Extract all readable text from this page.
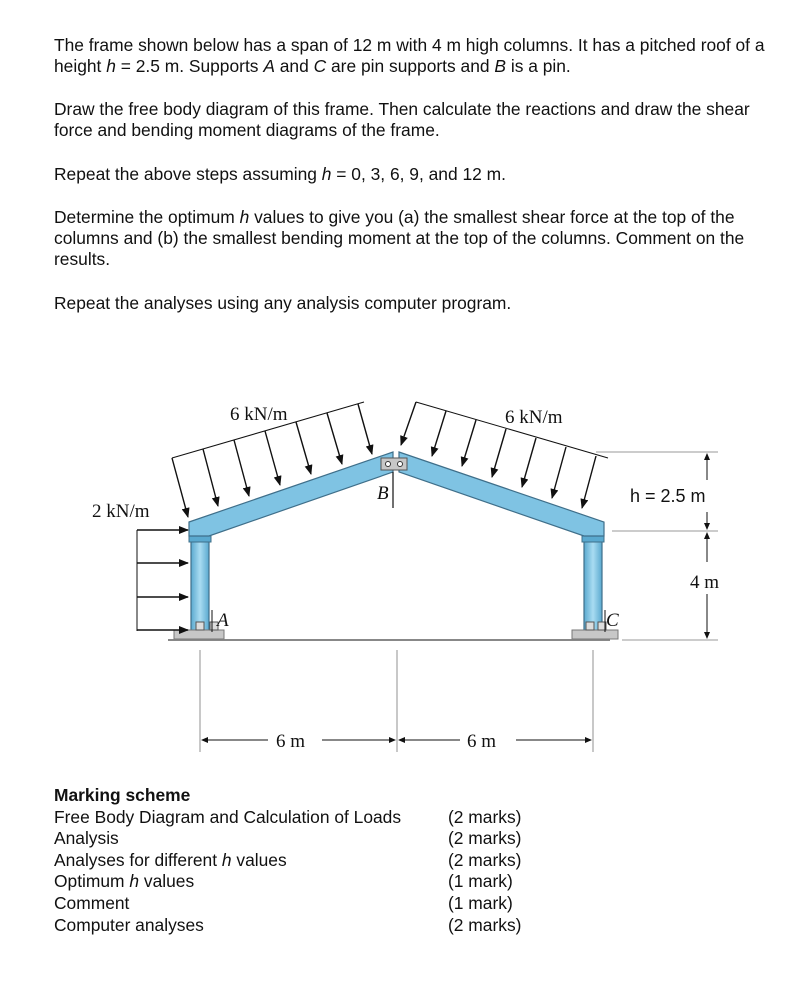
The frame shown below has a span of 12 m with 4 m high columns. It has a pitched roof of a height h = 2.5 m. Supports A and C are pin supports and B is a pin.

Draw the free body diagram of this frame. Then calculate the reactions and draw the shear force and bending moment diagrams of the frame.

Repeat the above steps assuming h = 0, 3, 6, 9, and 12 m.

Determine the optimum h values to give you (a) the smallest shear force at the top of the columns and (b) the smallest bending moment at the top of the columns. Comment on the results.

Repeat the analyses using any analysis computer program.

6 kN/m	6 kN/m
2 kN/m
A
B
C
h = 2.5 m
4 m
6 m	6 m
Marking scheme
Free Body Diagram and Calculation of Loads	(2 marks)
Analysis	(2 marks)
Analyses for different h values	(2 marks)
Optimum h values	(1 mark)
Comment	(1 mark)
Computer analyses	(2 marks)
